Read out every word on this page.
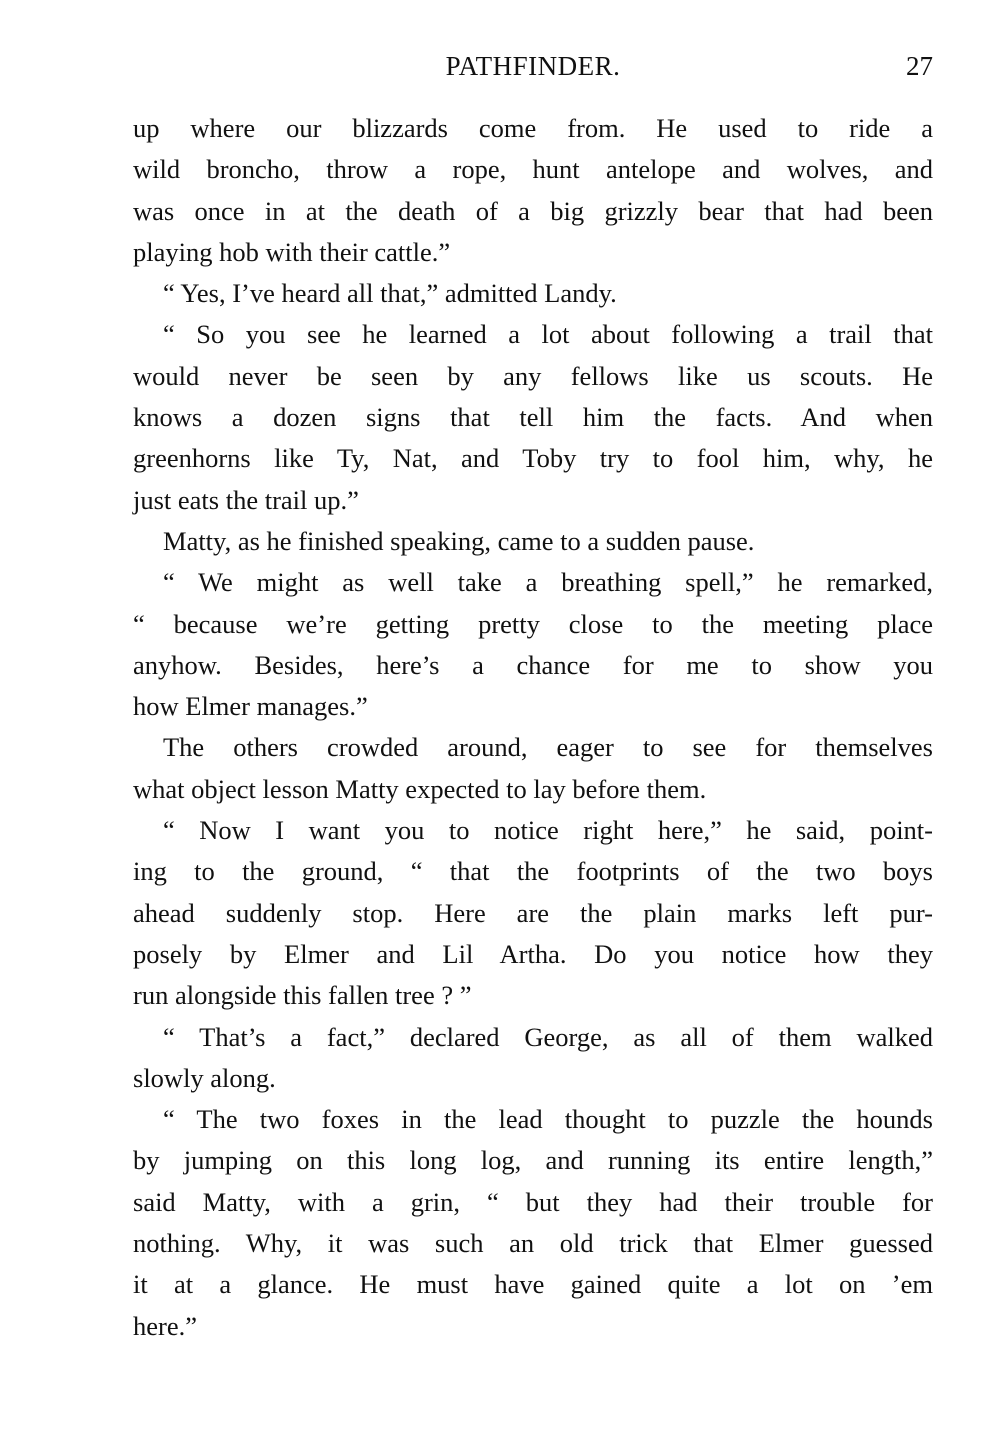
PATHFINDER.	27
up where our blizzards come from. He used to ride a
wild broncho, throw a rope, hunt antelope and wolves, and
was once in at the death of a big grizzly bear that had been
playing hob with their cattle.”
“ Yes, I’ve heard all that,” admitted Landy.
“ So you see he learned a lot about following a trail that
would never be seen by any fellows like us scouts. He
knows a dozen signs that tell him the facts. And when
greenhorns like Ty, Nat, and Toby try to fool him, why, he
just eats the trail up.”
Matty, as he finished speaking, came to a sudden pause.
“ We might as well take a breathing spell,” he remarked,
“ because we’re getting pretty close to the meeting place
anyhow. Besides, here’s a chance for me to show you
how Elmer manages.”
The others crowded around, eager to see for themselves
what object lesson Matty expected to lay before them.
“ Now I want you to notice right here,” he said, point-
ing to the ground, “ that the footprints of the two boys
ahead suddenly stop. Here are the plain marks left pur-
posely by Elmer and Lil Artha. Do you notice how they
run alongside this fallen tree ? ”
“ That’s a fact,” declared George, as all of them walked
slowly along.
“ The two foxes in the lead thought to puzzle the hounds
by jumping on this long log, and running its entire length,”
said Matty, with a grin, “ but they had their trouble for
nothing. Why, it was such an old trick that Elmer guessed
it at a glance. He must have gained quite a lot on ’em
here.”
